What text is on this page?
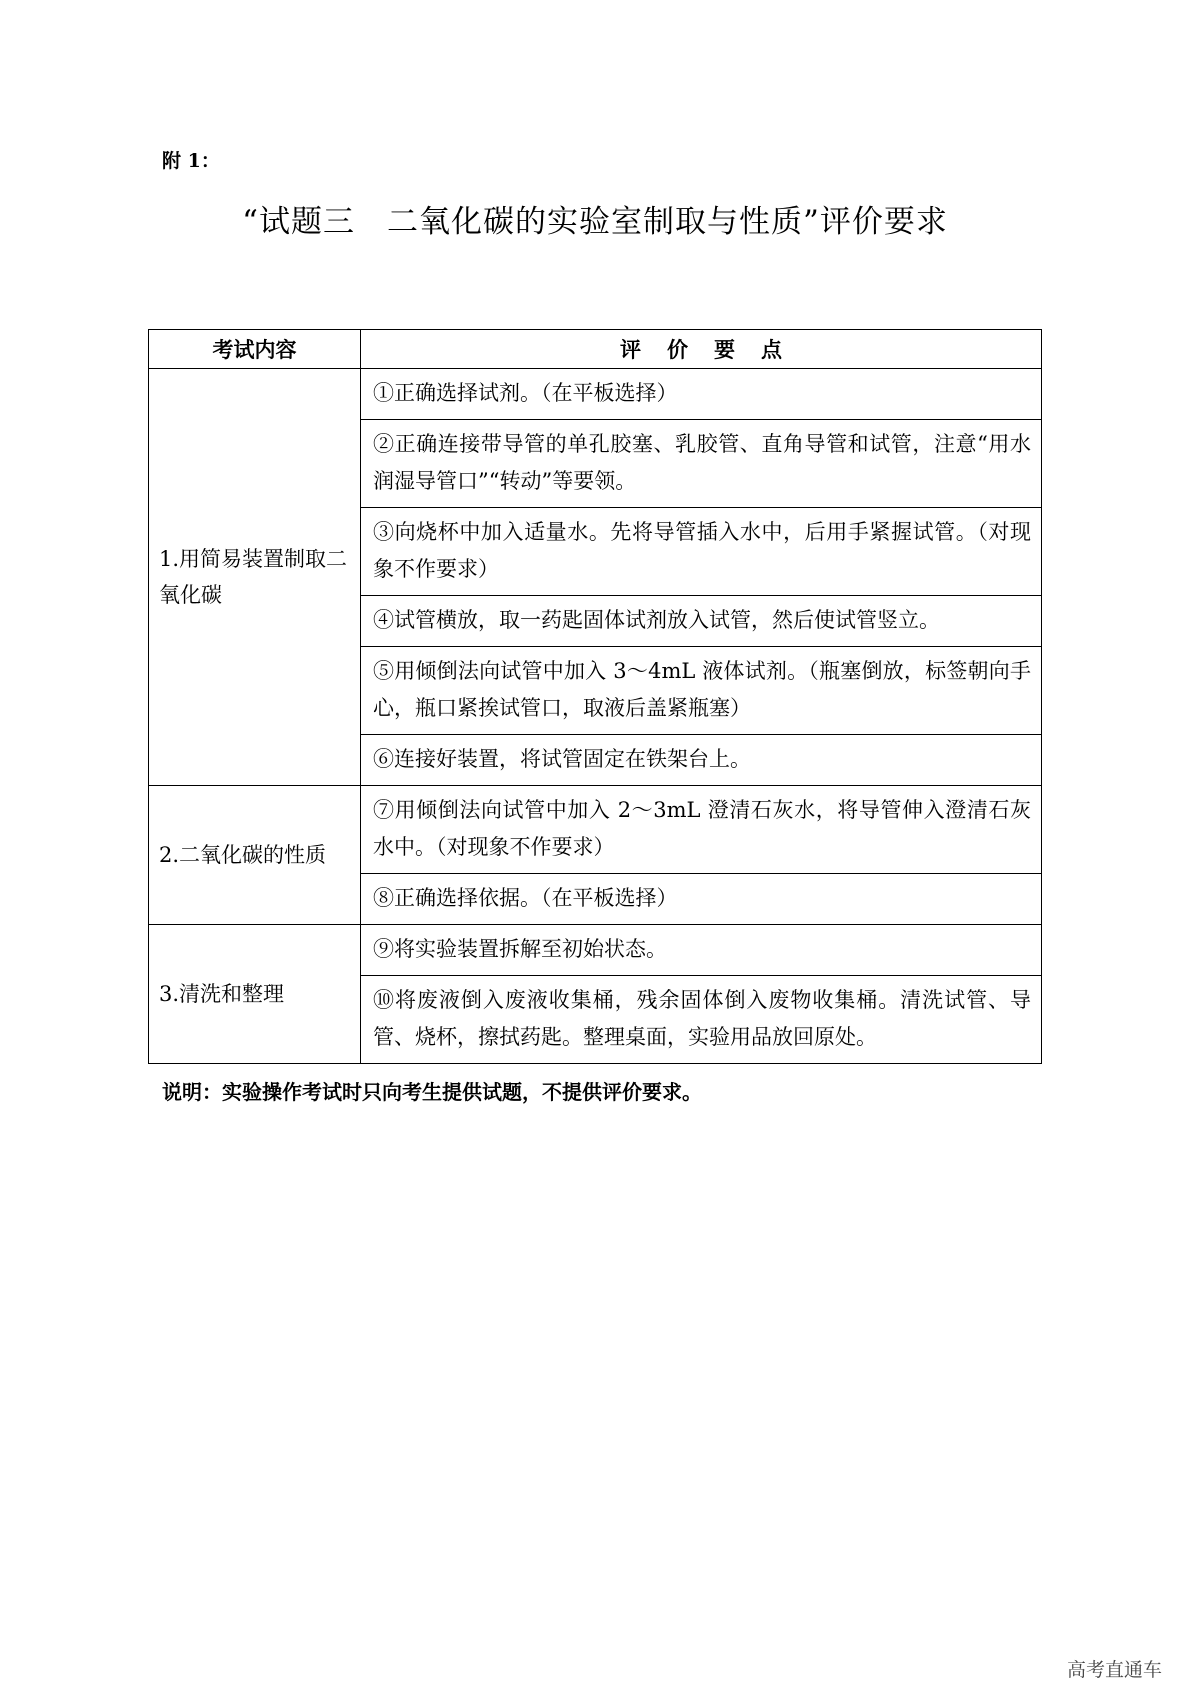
附 1：
“试题三　二氧化碳的实验室制取与性质”评价要求
考试内容	评价要点
1.用简易装置制取二氧化碳	①正确选择试剂。（在平板选择）
	②正确连接带导管的单孔胶塞、乳胶管、直角导管和试管，注意“用水润湿导管口”“转动”等要领。
	③向烧杯中加入适量水。先将导管插入水中，后用手紧握试管。（对现象不作要求）
	④试管横放，取一药匙固体试剂放入试管，然后使试管竖立。
	⑤用倾倒法向试管中加入 3～4mL 液体试剂。（瓶塞倒放，标签朝向手心，瓶口紧挨试管口，取液后盖紧瓶塞）
	⑥连接好装置，将试管固定在铁架台上。
2.二氧化碳的性质	⑦用倾倒法向试管中加入 2～3mL 澄清石灰水，将导管伸入澄清石灰水中。（对现象不作要求）
	⑧正确选择依据。（在平板选择）
3.清洗和整理	⑨将实验装置拆解至初始状态。
	⑩将废液倒入废液收集桶，残余固体倒入废物收集桶。清洗试管、导管、烧杯，擦拭药匙。整理桌面，实验用品放回原处。
说明：实验操作考试时只向考生提供试题，不提供评价要求。
高考直通车
